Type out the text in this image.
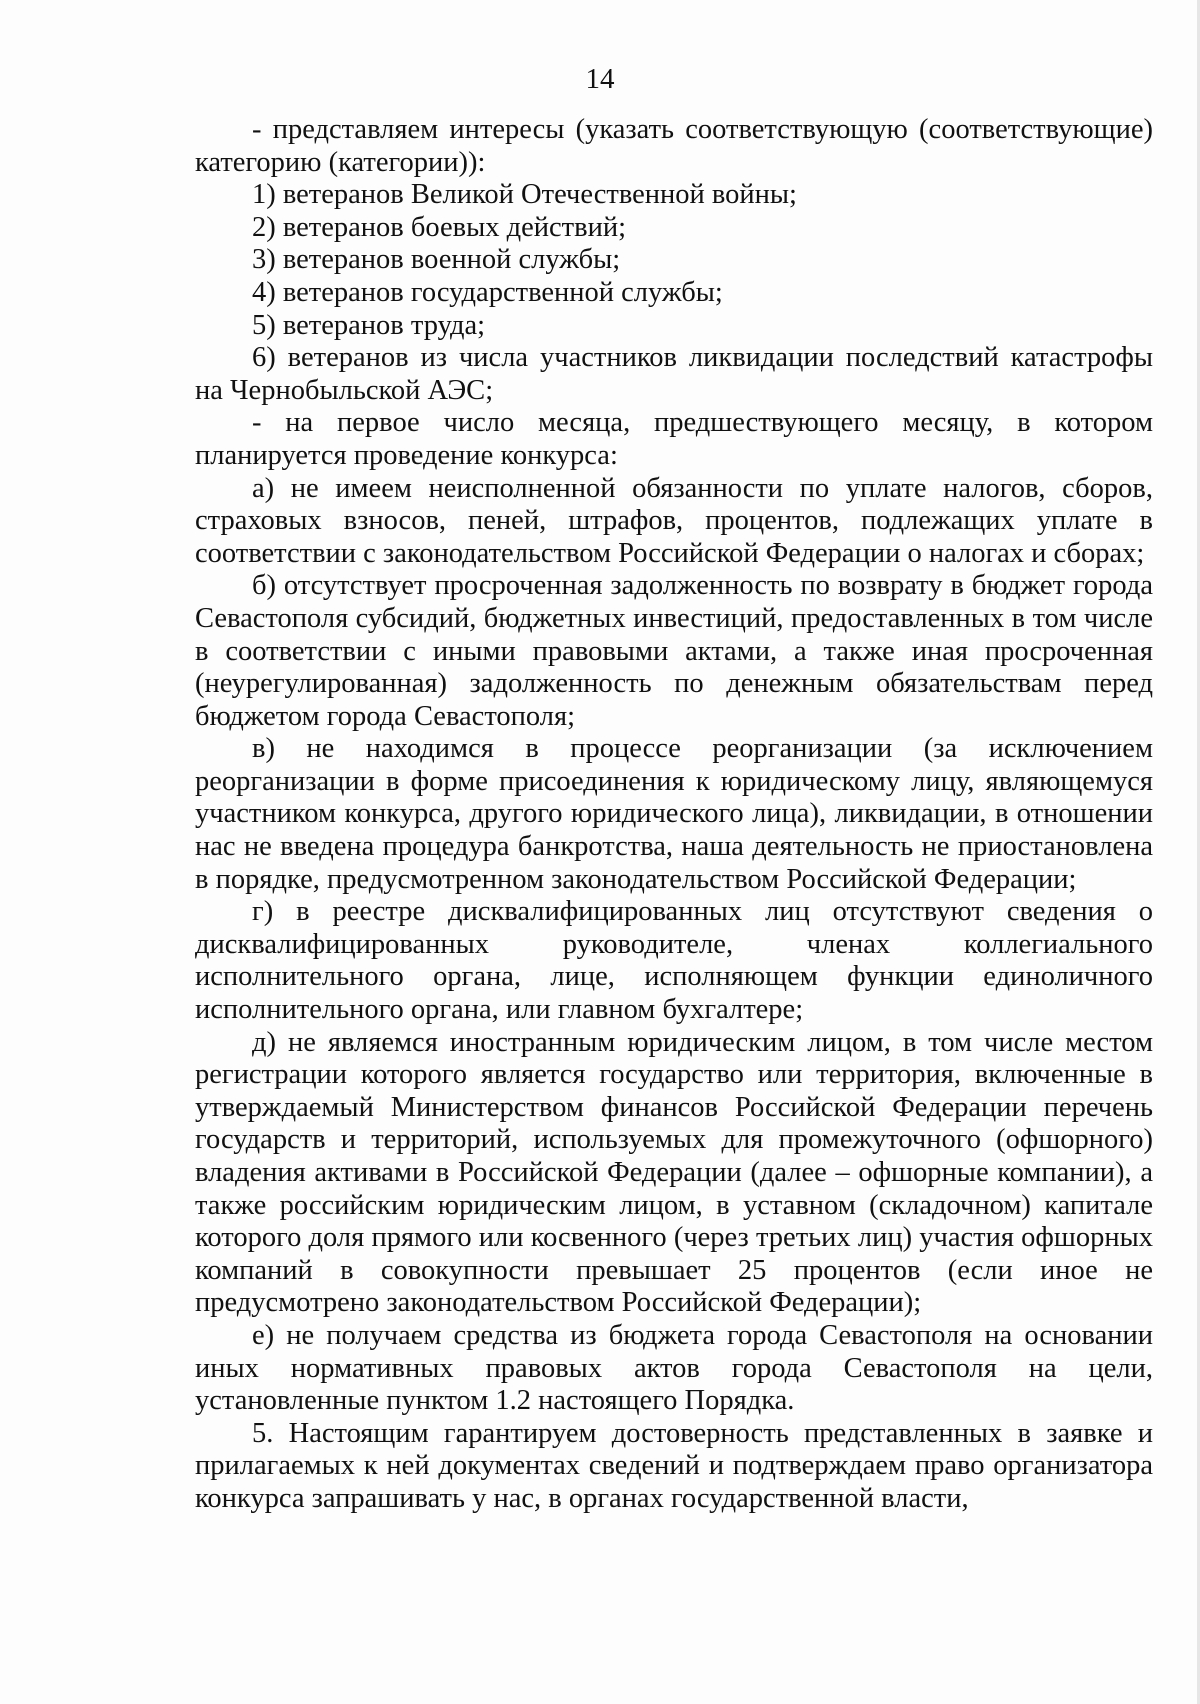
14

- представляем интересы (указать соответствующую (соответствующие) категорию (категории)):

1) ветеранов Великой Отечественной войны;

2) ветеранов боевых действий;

3) ветеранов военной службы;

4) ветеранов государственной службы;

5) ветеранов труда;

6) ветеранов из числа участников ликвидации последствий катастрофы на Чернобыльской АЭС;

- на первое число месяца, предшествующего месяцу, в котором планируется проведение конкурса:

а) не имеем неисполненной обязанности по уплате налогов, сборов, страховых взносов, пеней, штрафов, процентов, подлежащих уплате в соответствии с законодательством Российской Федерации о налогах и сборах;

б) отсутствует просроченная задолженность по возврату в бюджет города Севастополя субсидий, бюджетных инвестиций, предоставленных в том числе в соответствии с иными правовыми актами, а также иная просроченная (неурегулированная) задолженность по денежным обязательствам перед бюджетом города Севастополя;

в) не находимся в процессе реорганизации (за исключением реорганизации в форме присоединения к юридическому лицу, являющемуся участником конкурса, другого юридического лица), ликвидации, в отношении нас не введена процедура банкротства, наша деятельность не приостановлена в порядке, предусмотренном законодательством Российской Федерации;

г) в реестре дисквалифицированных лиц отсутствуют сведения о дисквалифицированных руководителе, членах коллегиального исполнительного органа, лице, исполняющем функции единоличного исполнительного органа, или главном бухгалтере;

д) не являемся иностранным юридическим лицом, в том числе местом регистрации которого является государство или территория, включенные в утверждаемый Министерством финансов Российской Федерации перечень государств и территорий, используемых для промежуточного (офшорного) владения активами в Российской Федерации (далее – офшорные компании), а также российским юридическим лицом, в уставном (складочном) капитале которого доля прямого или косвенного (через третьих лиц) участия офшорных компаний в совокупности превышает 25 процентов (если иное не предусмотрено законодательством Российской Федерации);

е) не получаем средства из бюджета города Севастополя на основании иных нормативных правовых актов города Севастополя на цели, установленные пунктом 1.2 настоящего Порядка.

5. Настоящим гарантируем достоверность представленных в заявке и прилагаемых к ней документах сведений и подтверждаем право организатора конкурса запрашивать у нас, в органах государственной власти,
